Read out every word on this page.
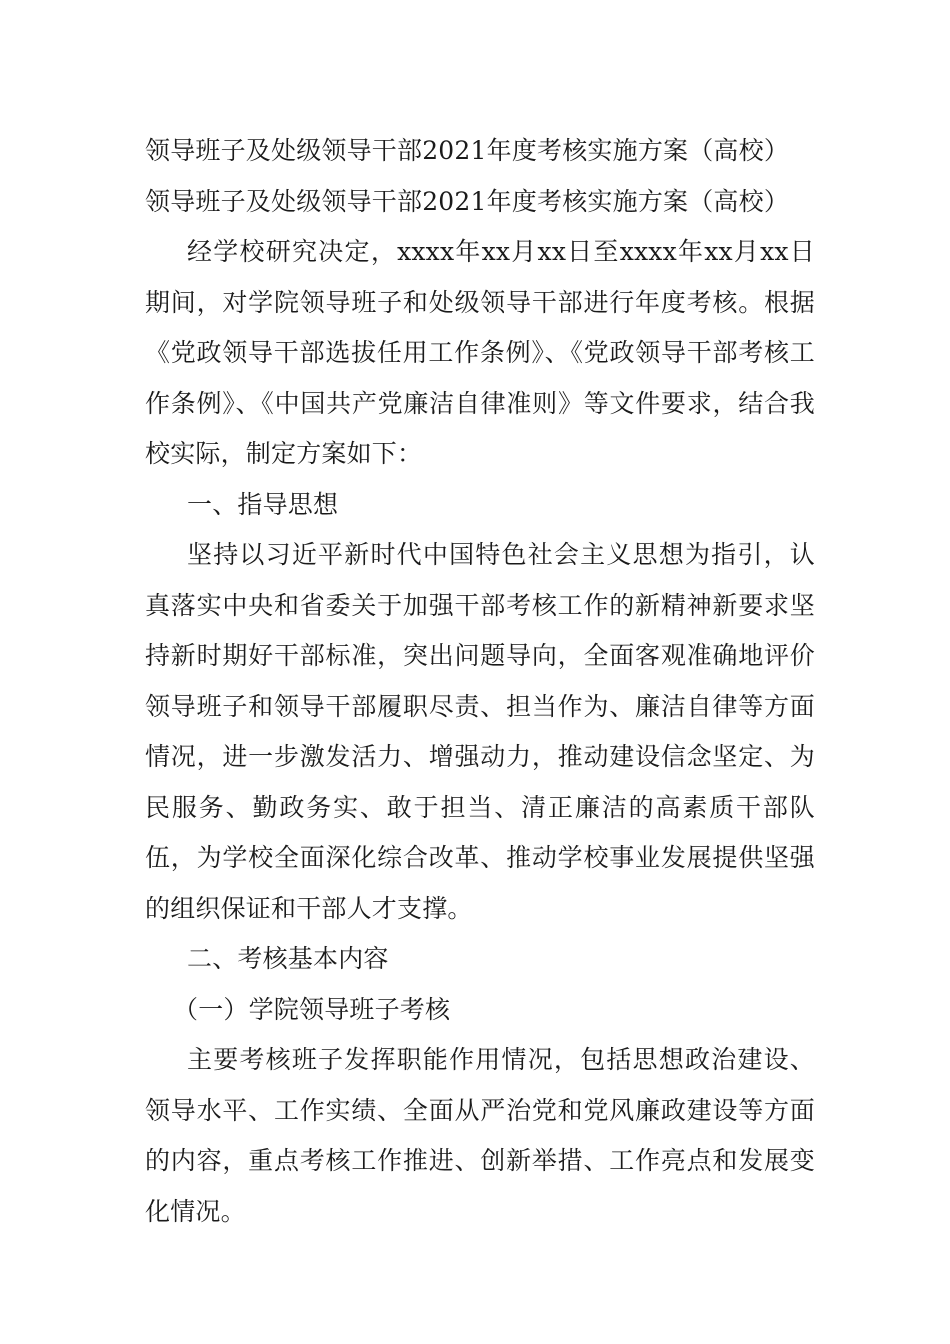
领导班子及处级领导干部2021年度考核实施方案（高校）

领导班子及处级领导干部2021年度考核实施方案（高校）

经学校研究决定，xxxx年xx月xx日至xxxx年xx月xx日期间，对学院领导班子和处级领导干部进行年度考核。根据《党政领导干部选拔任用工作条例》、《党政领导干部考核工作条例》、《中国共产党廉洁自律准则》等文件要求，结合我校实际，制定方案如下：

一、指导思想

坚持以习近平新时代中国特色社会主义思想为指引，认真落实中央和省委关于加强干部考核工作的新精神新要求坚持新时期好干部标准，突出问题导向，全面客观准确地评价领导班子和领导干部履职尽责、担当作为、廉洁自律等方面情况，进一步激发活力、增强动力，推动建设信念坚定、为民服务、勤政务实、敢于担当、清正廉洁的高素质干部队伍，为学校全面深化综合改革、推动学校事业发展提供坚强的组织保证和干部人才支撑。

二、考核基本内容

（一）学院领导班子考核

主要考核班子发挥职能作用情况，包括思想政治建设、领导水平、工作实绩、全面从严治党和党风廉政建设等方面的内容，重点考核工作推进、创新举措、工作亮点和发展变化情况。
